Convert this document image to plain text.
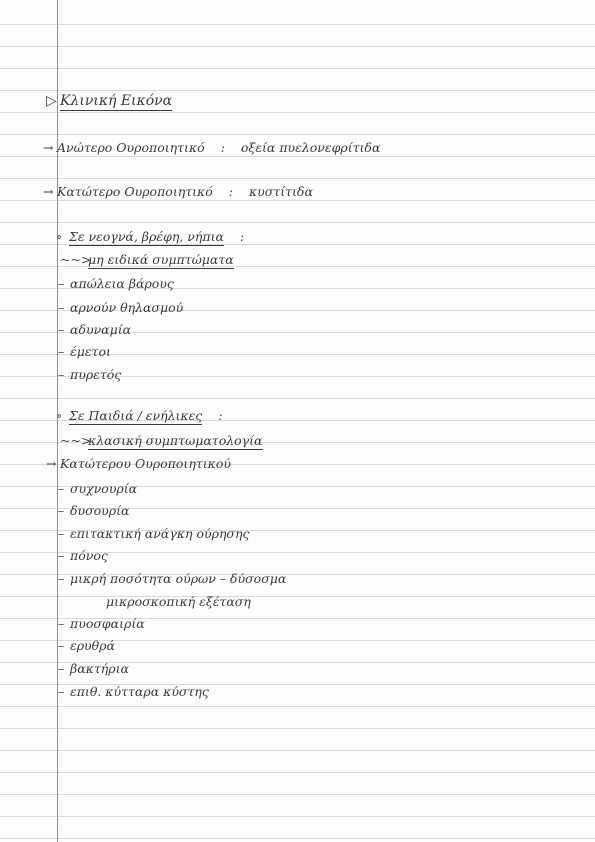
▷ Κλινική Εικόνα
→ Ανώτερο Ουροποιητικό : οξεία πυελονεφρίτιδα
→ Κατώτερο Ουροποιητικό : κυστίτιδα
∘ Σε νεογνά, βρέφη, νήπια :
~~>μη ειδικά συμπτώματα
– απώλεια βάρους
– αρνούν θηλασμού
– αδυναμία
– έμετοι
– πυρετός
∘ Σε Παιδιά / ενήλικες :
~~>κλασική συμπτωματολογία
→ Κατώτερου Ουροποιητικού
– συχνουρία
– δυσουρία
– επιτακτική ανάγκη ούρησης
– πόνος
– μικρή ποσότητα ούρων – δύσοσμα
μικροσκοπική εξέταση
– πυοσφαιρία
– ερυθρά
– βακτήρια
– επιθ. κύτταρα κύστης
